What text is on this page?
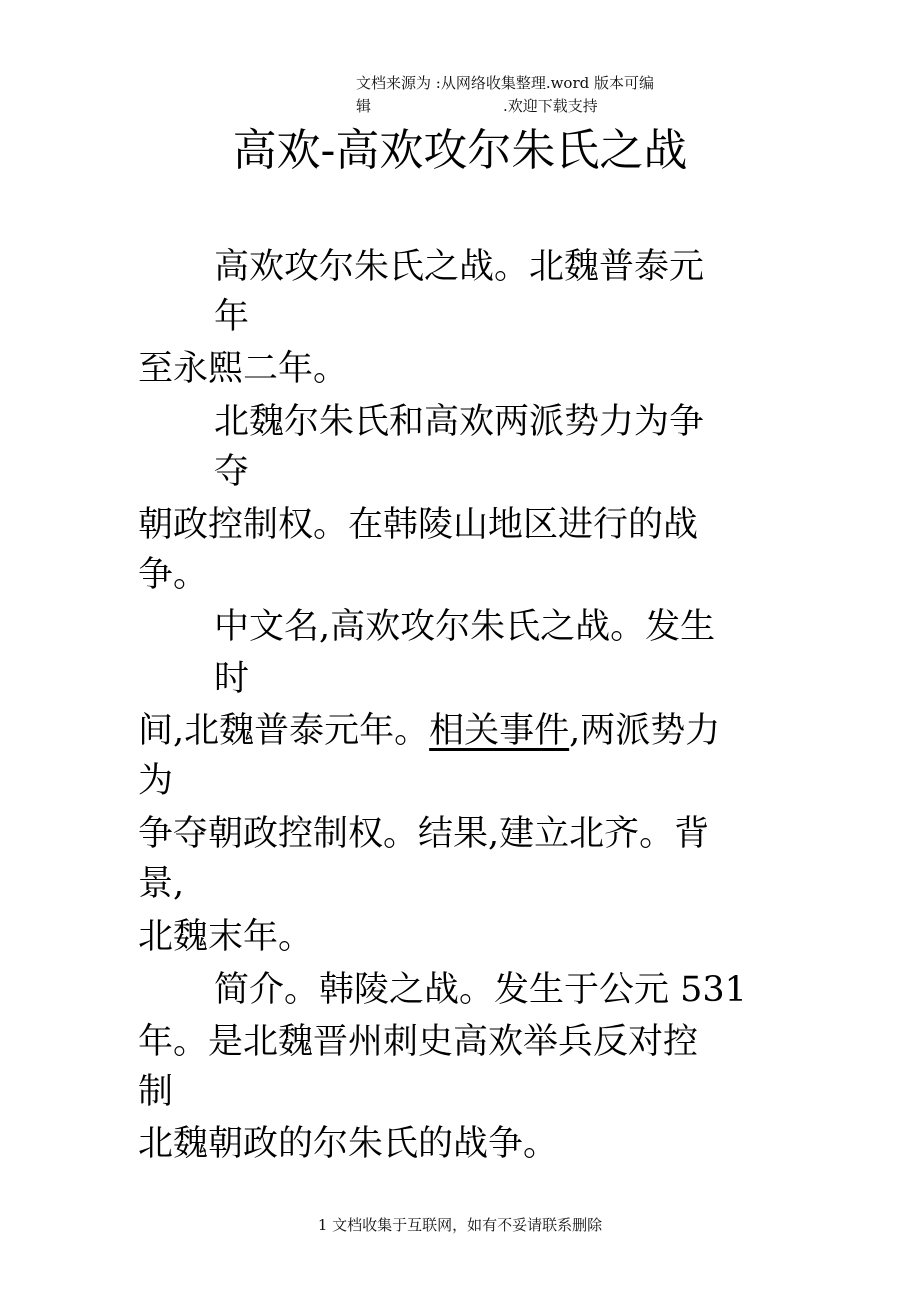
文档来源为 :从网络收集整理.word 版本可编
辑	.欢迎下载支持
高欢-高欢攻尔朱氏之战
高欢攻尔朱氏之战。北魏普泰元
年
至永熙二年。
北魏尔朱氏和高欢两派势力为争
夺
朝政控制权。在韩陵山地区进行的战
争。
中文名,高欢攻尔朱氏之战。发生
时
间,北魏普泰元年。相关事件,两派势力
为
争夺朝政控制权。结果,建立北齐。背
景,
北魏末年。
简介。韩陵之战。发生于公元 531
年。是北魏晋州刺史高欢举兵反对控
制
北魏朝政的尔朱氏的战争。
1 文档收集于互联网，如有不妥请联系删除
